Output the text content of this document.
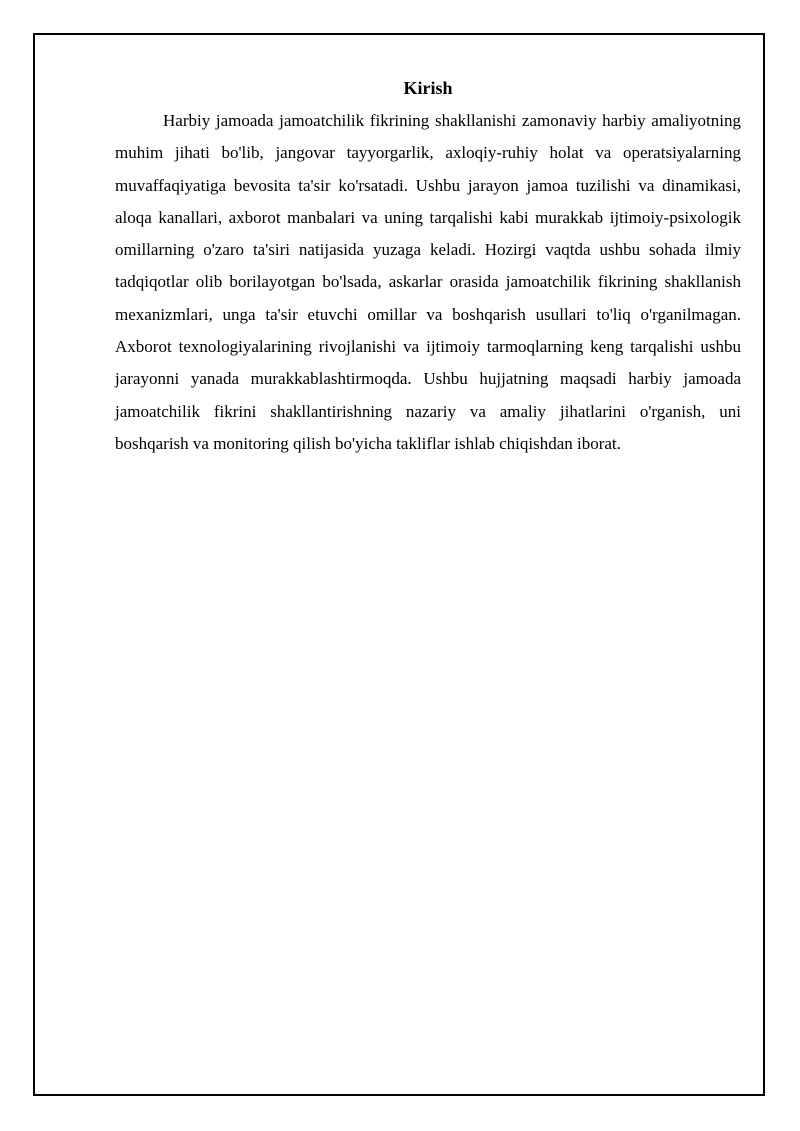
Kirish

Harbiy jamoada jamoatchilik fikrining shakllanishi zamonaviy harbiy amaliyotning muhim jihati bo'lib, jangovar tayyorgarlik, axloqiy-ruhiy holat va operatsiyalarning muvaffaqiyatiga bevosita ta'sir ko'rsatadi. Ushbu jarayon jamoa tuzilishi va dinamikasi, aloqa kanallari, axborot manbalari va uning tarqalishi kabi murakkab ijtimoiy-psixologik omillarning o'zaro ta'siri natijasida yuzaga keladi. Hozirgi vaqtda ushbu sohada ilmiy tadqiqotlar olib borilayotgan bo'lsada, askarlar orasida jamoatchilik fikrining shakllanish mexanizmlari, unga ta'sir etuvchi omillar va boshqarish usullari to'liq o'rganilmagan. Axborot texnologiyalarining rivojlanishi va ijtimoiy tarmoqlarning keng tarqalishi ushbu jarayonni yanada murakkablashtirmoqda. Ushbu hujjatning maqsadi harbiy jamoada jamoatchilik fikrini shakllantirishning nazariy va amaliy jihatlarini o'rganish, uni boshqarish va monitoring qilish bo'yicha takliflar ishlab chiqishdan iborat.
